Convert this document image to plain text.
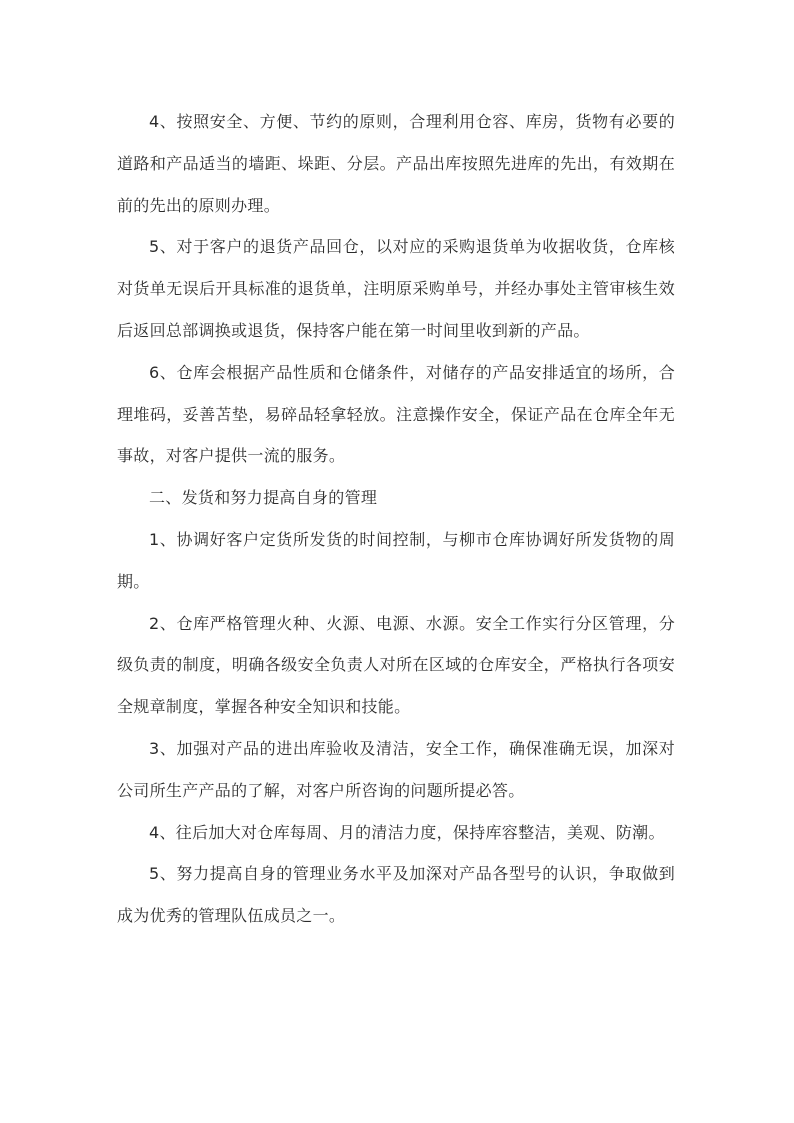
4、按照安全、方便、节约的原则，合理利用仓容、库房，货物有必要的道路和产品适当的墙距、垛距、分层。产品出库按照先进库的先出，有效期在前的先出的原则办理。

5、对于客户的退货产品回仓，以对应的采购退货单为收据收货，仓库核对货单无误后开具标准的退货单，注明原采购单号，并经办事处主管审核生效后返回总部调换或退货，保持客户能在第一时间里收到新的产品。

6、仓库会根据产品性质和仓储条件，对储存的产品安排适宜的场所，合理堆码，妥善苫垫，易碎品轻拿轻放。注意操作安全，保证产品在仓库全年无事故，对客户提供一流的服务。

二、发货和努力提高自身的管理

1、协调好客户定货所发货的时间控制，与柳市仓库协调好所发货物的周期。

2、仓库严格管理火种、火源、电源、水源。安全工作实行分区管理，分级负责的制度，明确各级安全负责人对所在区域的仓库安全，严格执行各项安全规章制度，掌握各种安全知识和技能。

3、加强对产品的进出库验收及清洁，安全工作，确保准确无误，加深对公司所生产产品的了解，对客户所咨询的问题所提必答。

4、往后加大对仓库每周、月的清洁力度，保持库容整洁，美观、防潮。

5、努力提高自身的管理业务水平及加深对产品各型号的认识，争取做到成为优秀的管理队伍成员之一。
